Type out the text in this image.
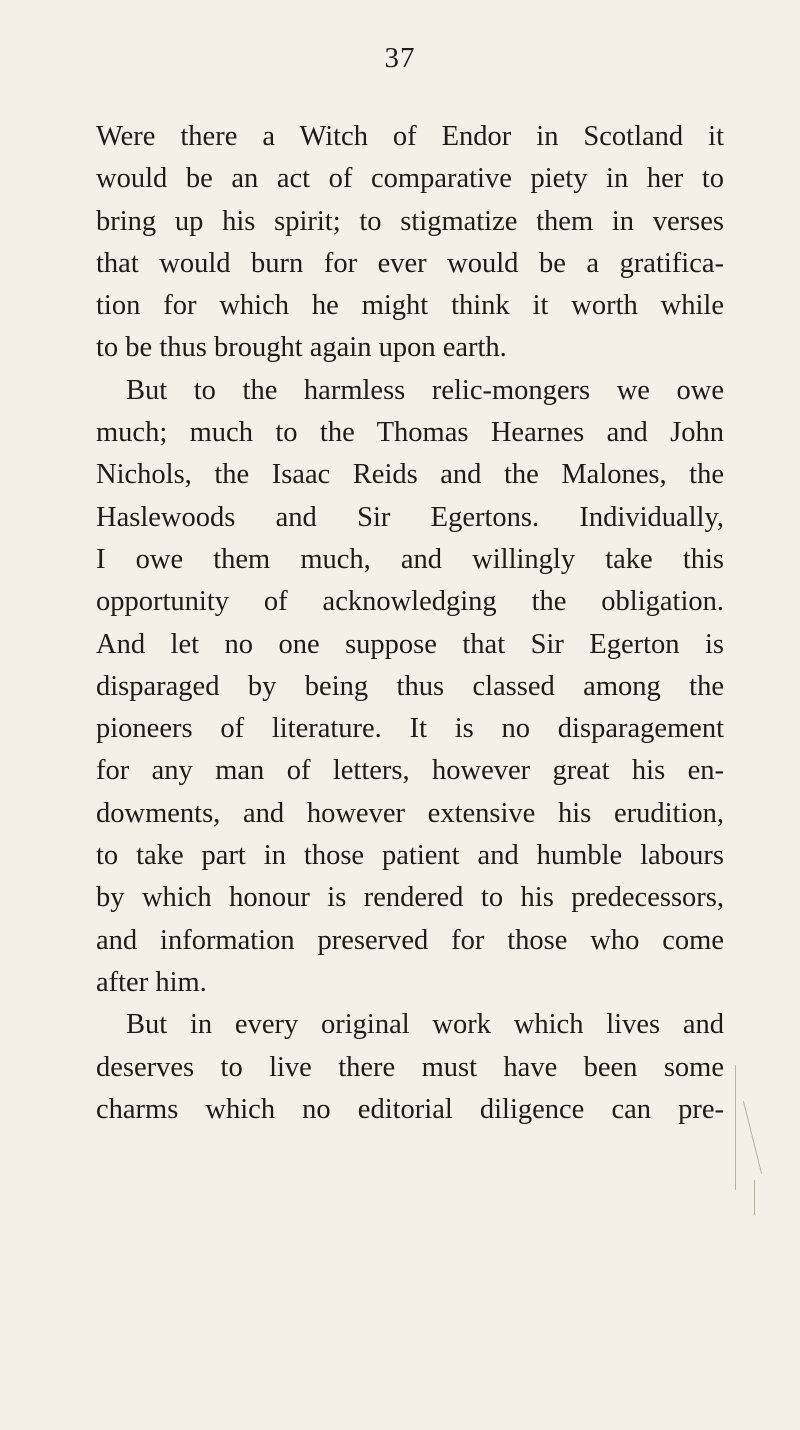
37
Were there a Witch of Endor in Scotland it
would be an act of comparative piety in her to
bring up his spirit; to stigmatize them in verses
that would burn for ever would be a gratifica-
tion for which he might think it worth while
to be thus brought again upon earth.
But to the harmless relic-mongers we owe
much; much to the Thomas Hearnes and John
Nichols, the Isaac Reids and the Malones, the
Haslewoods and Sir Egertons. Individually,
I owe them much, and willingly take this
opportunity of acknowledging the obligation.
And let no one suppose that Sir Egerton is
disparaged by being thus classed among the
pioneers of literature. It is no disparagement
for any man of letters, however great his en-
dowments, and however extensive his erudition,
to take part in those patient and humble labours
by which honour is rendered to his predecessors,
and information preserved for those who come
after him.
But in every original work which lives and
deserves to live there must have been some
charms which no editorial diligence can pre-
